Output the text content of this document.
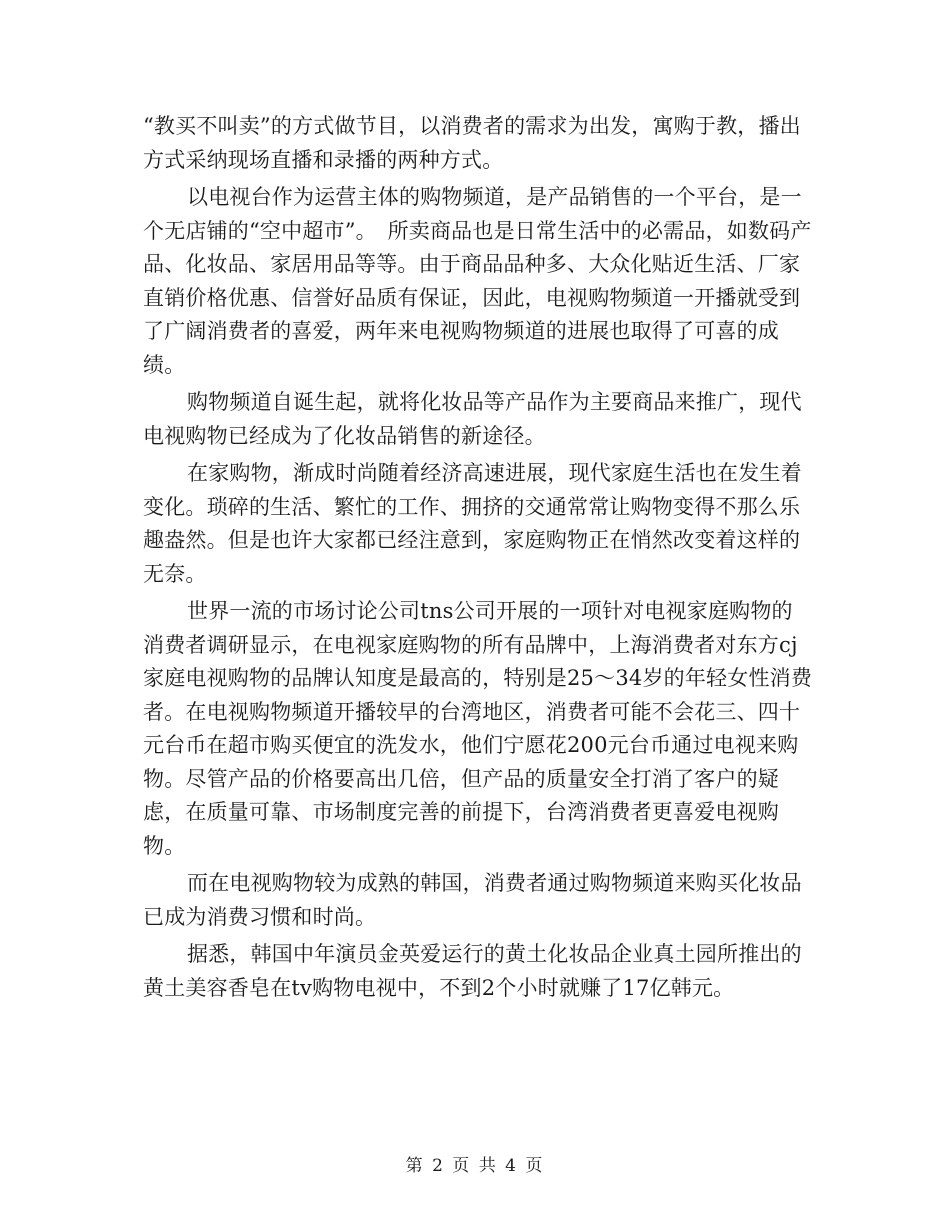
“教买不叫卖”的方式做节目，以消费者的需求为出发，寓购于教，播出方式采纳现场直播和录播的两种方式。

以电视台作为运营主体的购物频道，是产品销售的一个平台，是一个无店铺的“空中超市”。　所卖商品也是日常生活中的必需品，如数码产品、化妆品、家居用品等等。由于商品品种多、大众化贴近生活、厂家直销价格优惠、信誉好品质有保证，因此，电视购物频道一开播就受到了广阔消费者的喜爱，两年来电视购物频道的进展也取得了可喜的成绩。

购物频道自诞生起，就将化妆品等产品作为主要商品来推广，现代电视购物已经成为了化妆品销售的新途径。

在家购物，渐成时尚随着经济高速进展，现代家庭生活也在发生着变化。琐碎的生活、繁忙的工作、拥挤的交通常常让购物变得不那么乐趣盎然。但是也许大家都已经注意到，家庭购物正在悄然改变着这样的无奈。

世界一流的市场讨论公司tns公司开展的一项针对电视家庭购物的消费者调研显示，在电视家庭购物的所有品牌中，上海消费者对东方cj家庭电视购物的品牌认知度是最高的，特别是25～34岁的年轻女性消费者。在电视购物频道开播较早的台湾地区，消费者可能不会花三、四十元台币在超市购买便宜的洗发水，他们宁愿花200元台币通过电视来购物。尽管产品的价格要高出几倍，但产品的质量安全打消了客户的疑虑，在质量可靠、市场制度完善的前提下，台湾消费者更喜爱电视购物。

而在电视购物较为成熟的韩国，消费者通过购物频道来购买化妆品已成为消费习惯和时尚。

据悉，韩国中年演员金英爱运行的黄土化妆品企业真土园所推出的黄土美容香皂在tv购物电视中，不到2个小时就赚了17亿韩元。

第 2 页 共 4 页
